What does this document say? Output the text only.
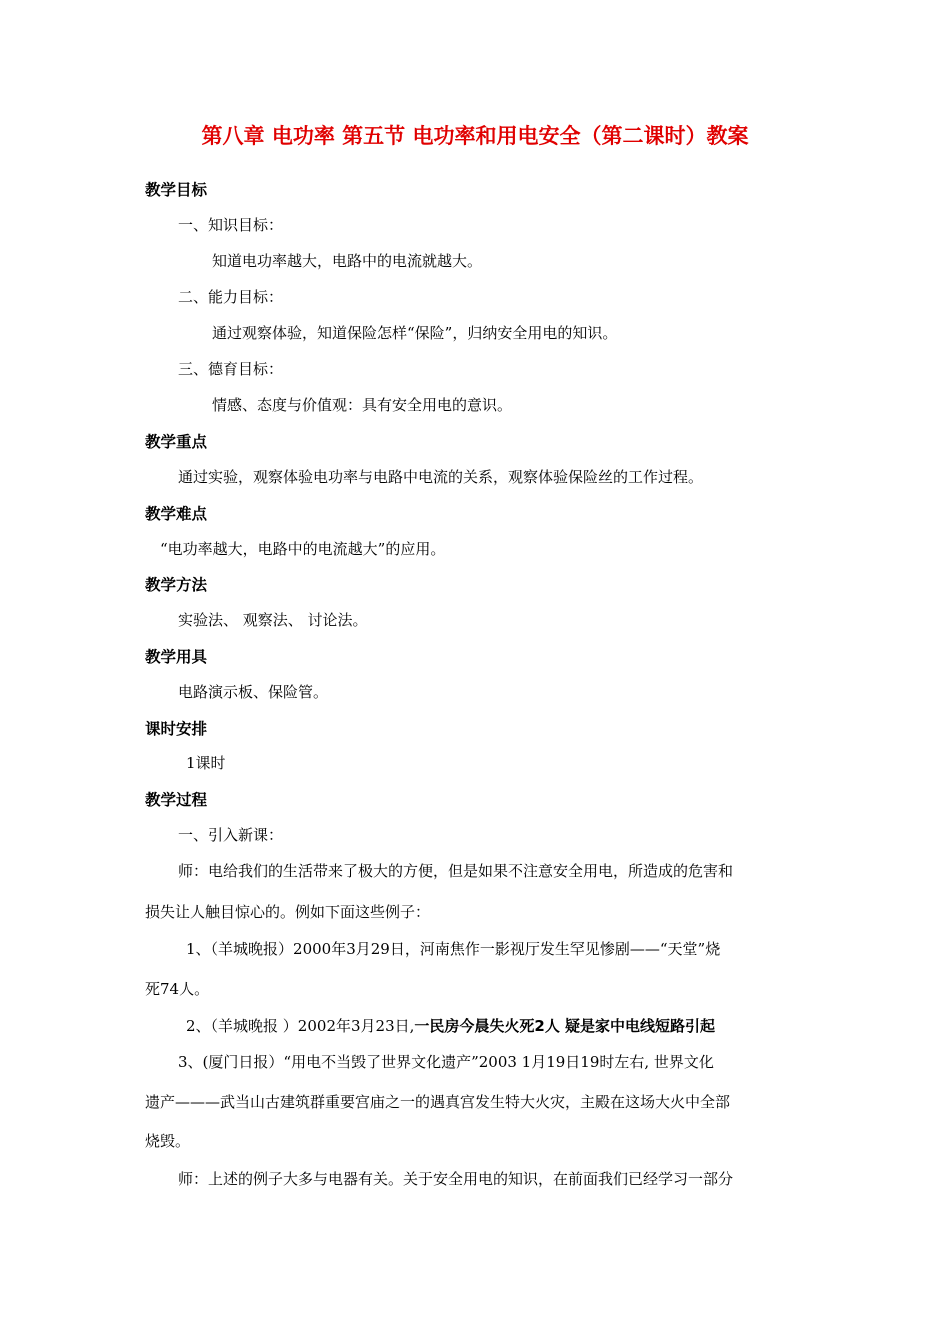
第八章 电功率 第五节 电功率和用电安全（第二课时）教案
教学目标
一、知识目标：
知道电功率越大，电路中的电流就越大。
二、能力目标：
通过观察体验，知道保险怎样“保险”，归纳安全用电的知识。
三、德育目标：
情感、态度与价值观：具有安全用电的意识。
教学重点
通过实验，观察体验电功率与电路中电流的关系，观察体验保险丝的工作过程。
教学难点
“电功率越大，电路中的电流越大”的应用。
教学方法
实验法、 观察法、 讨论法。
教学用具
电路演示板、保险管。
课时安排
1课时
教学过程
一、引入新课：
师：电给我们的生活带来了极大的方便，但是如果不注意安全用电，所造成的危害和
损失让人触目惊心的。例如下面这些例子：
1、（羊城晚报）2000年3月29日，河南焦作一影视厅发生罕见惨剧——“天堂”烧
死74人。
2、（羊城晚报 ）2002年3月23日,一民房今晨失火死2人 疑是家中电线短路引起
3、(厦门日报）“用电不当毁了世界文化遗产”2003 1月19日19时左右, 世界文化
遗产———武当山古建筑群重要宫庙之一的遇真宫发生特大火灾，主殿在这场大火中全部
烧毁。
师：上述的例子大多与电器有关。关于安全用电的知识，在前面我们已经学习一部分
